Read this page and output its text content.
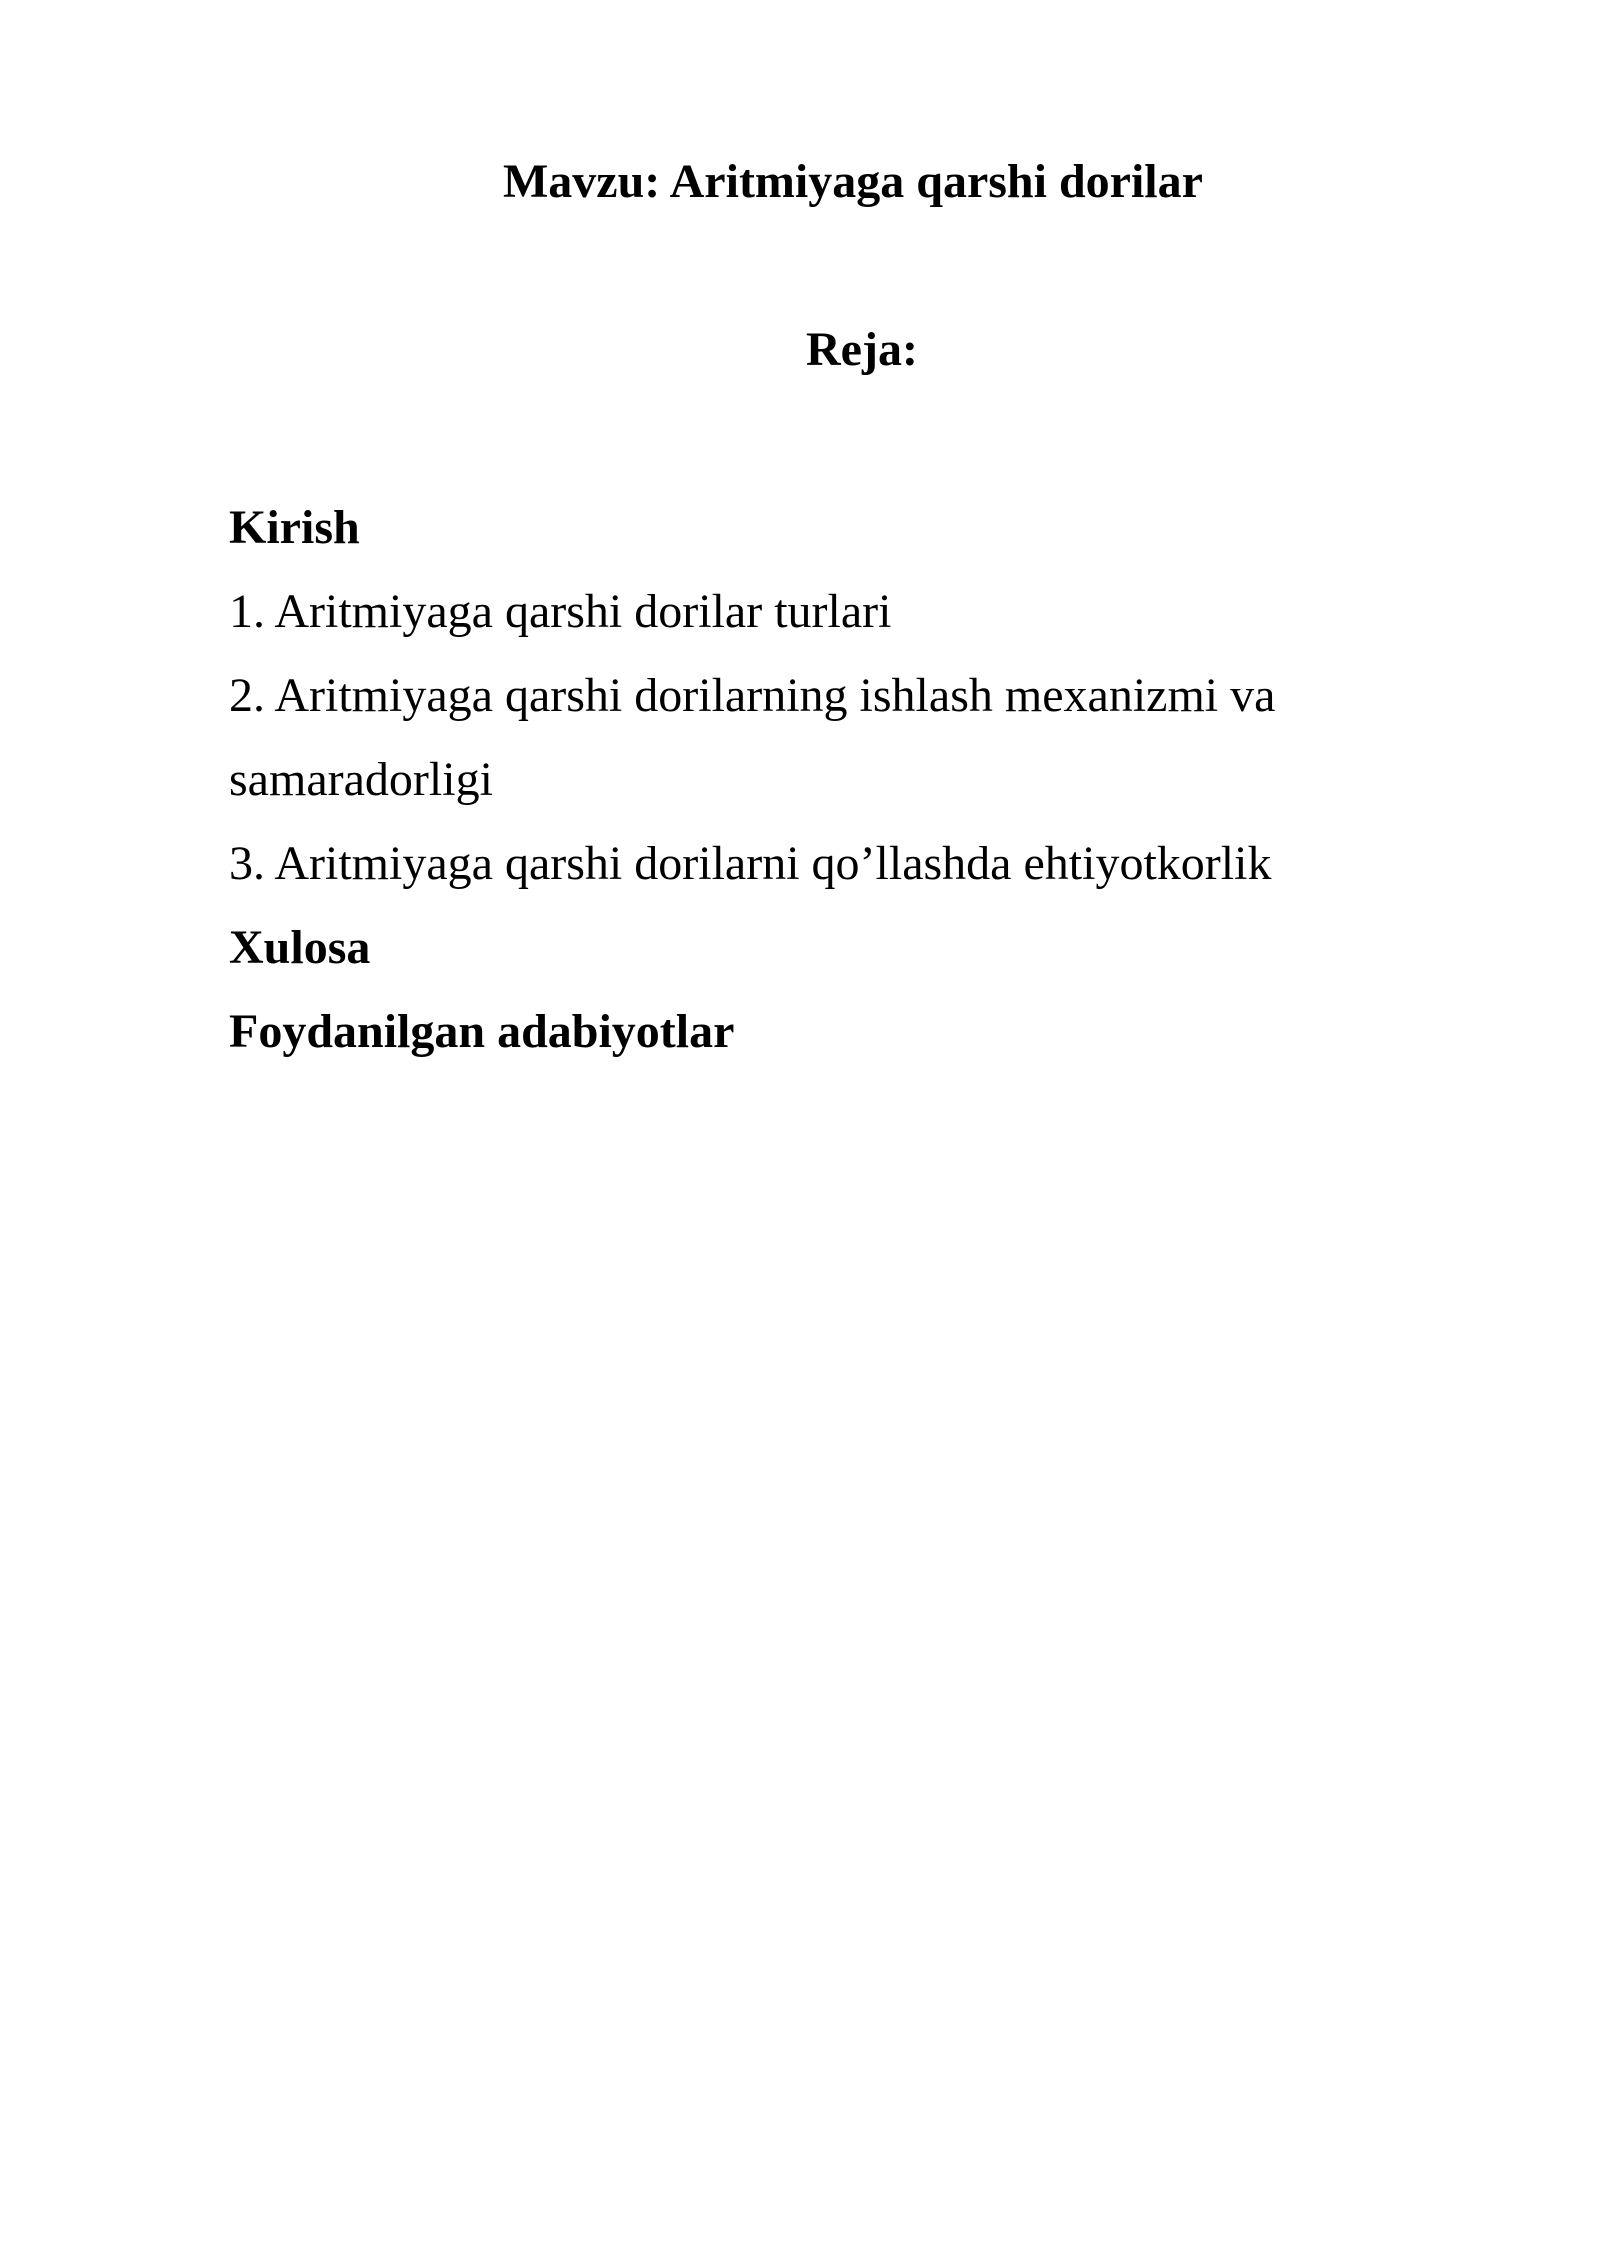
Mavzu: Aritmiyaga qarshi dorilar
Reja:
Kirish
1. Aritmiyaga qarshi dorilar turlari
2. Aritmiyaga qarshi dorilarning ishlash mexanizmi va
samaradorligi
3. Aritmiyaga qarshi dorilarni qo’llashda ehtiyotkorlik
Xulosa
Foydanilgan adabiyotlar
